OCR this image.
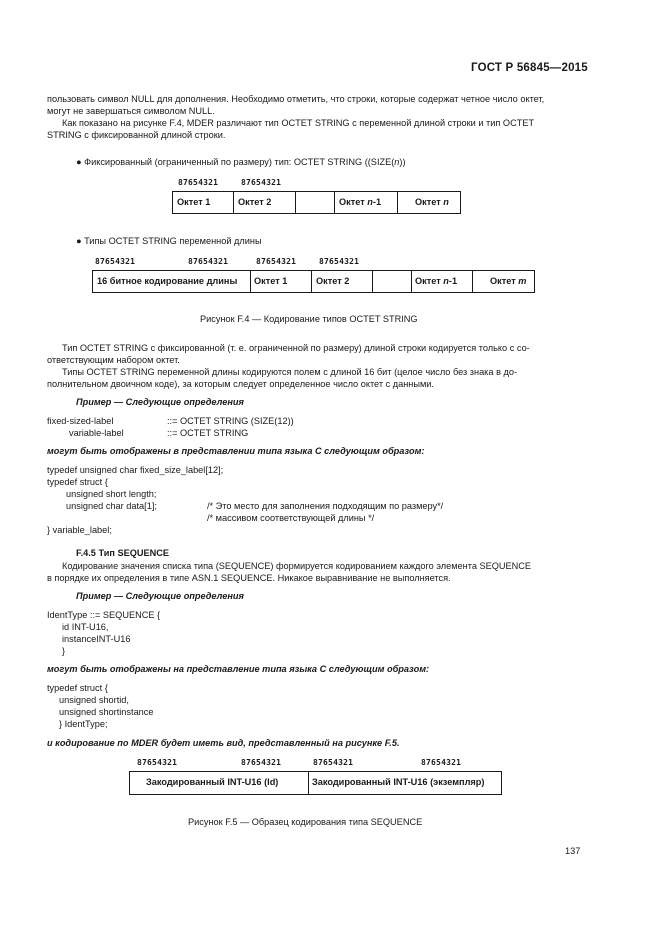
ГОСТ Р 56845—2015
пользовать символ NULL для дополнения. Необходимо отметить, что строки, которые содержат четное число октет,
могут не завершаться символом NULL.
Как показано на рисунке F.4, MDER различают тип OCTET STRING с переменной длиной строки и тип OCTET
STRING с фиксированной длиной строки.
● Фиксированный (ограниченный по размеру) тип: OCTET STRING ((SIZE(n))
87654321	87654321
Октет 1	Октет 2	Октет n-1	Октет n
● Типы OCTET STRING переменной длины
87654321	87654321	87654321	87654321
16 битное кодирование длины Октет 1	Октет 2	Октет n-1	Октет m
Рисунок F.4 — Кодирование типов OCTET STRING
Тип OCTET STRING с фиксированной (т. е. ограниченной по размеру) длиной строки кодируется только с со-
ответствующим набором октет.
Типы OCTET STRING переменной длины кодируются полем с длиной 16 бит (целое число без знака в до-
полнительном двоичном коде), за которым следует определенное число октет с данными.
Пример — Следующие определения
fixed-sized-label	::= OCTET STRING (SIZE(12))
variable-label	::= OCTET STRING
могут быть отображены в представлении типа языка С следующим образом:
typedef unsigned char fixed_size_label[12];
typedef struct {
unsigned short length;
unsigned char data[1];	/* Это место для заполнения подходящим по размеру*/
/* массивом соответствующей длины */
} variable_label;
F.4.5 Тип SEQUENCE
Кодирование значения списка типа (SEQUENCE) формируется кодированием каждого элемента SEQUENCE
в порядке их определения в типе ASN.1 SEQUENCE. Никакое выравнивание не выполняется.
Пример — Следующие определения
IdentType ::= SEQUENCE {
id INT-U16,
instanceINT-U16
}
могут быть отображены на представление типа языка С следующим образом:
typedef struct {
unsigned shortid,
unsigned shortinstance
} IdentType;
и кодирование по MDER будет иметь вид, представленный на рисунке F.5.
87654321	87654321	87654321	87654321
Закодированный INT-U16 (Id)	Закодированный INT-U16 (экземпляр)
Рисунок F.5 — Образец кодирования типа SEQUENCE
137
